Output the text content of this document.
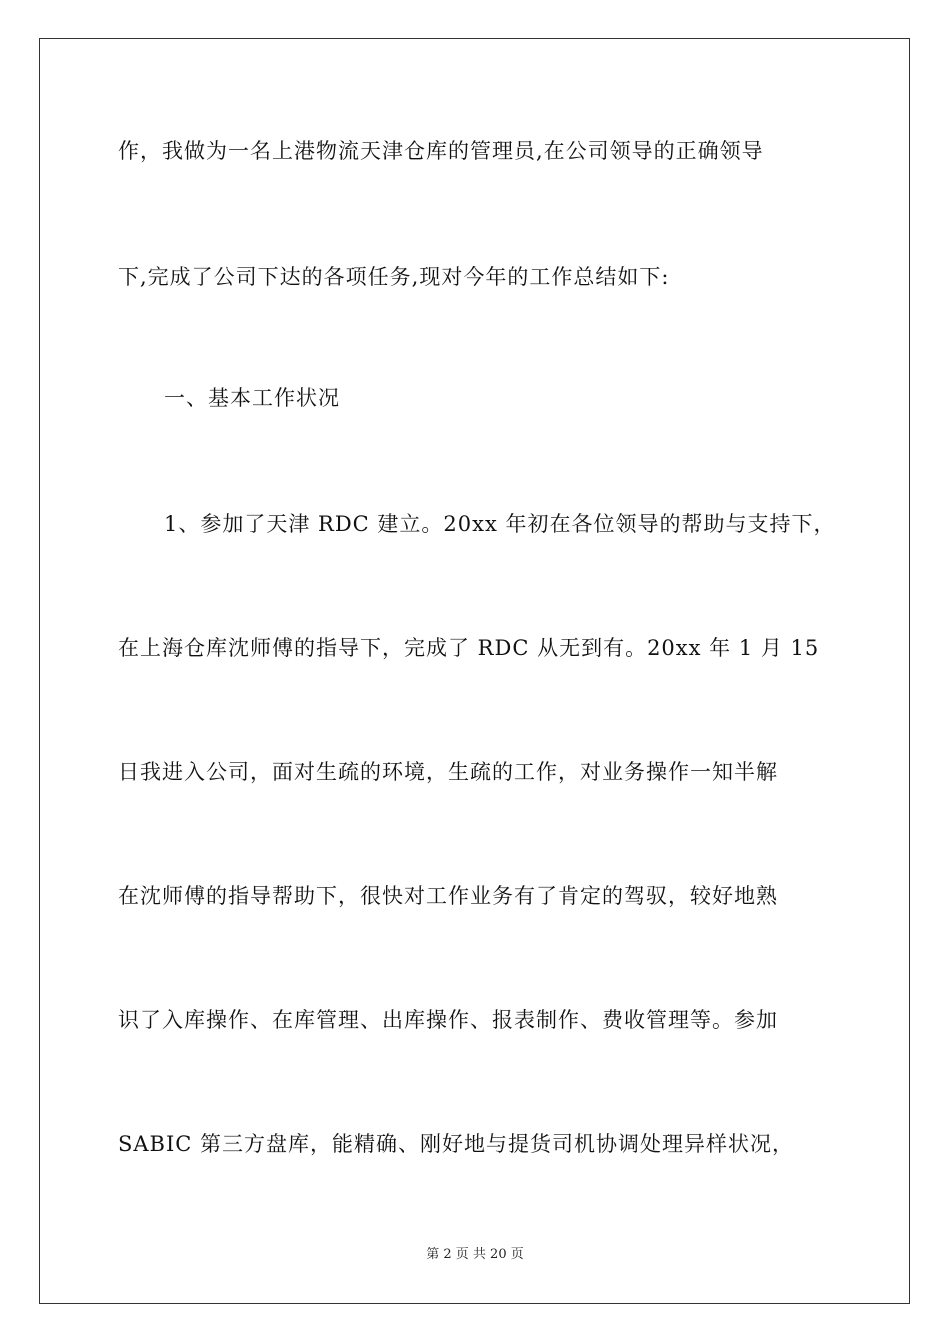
作，我做为一名上港物流天津仓库的管理员,在公司领导的正确领导
下,完成了公司下达的各项任务,现对今年的工作总结如下:
一、基本工作状况
1、参加了天津 RDC 建立。20xx 年初在各位领导的帮助与支持下，
在上海仓库沈师傅的指导下，完成了 RDC 从无到有。20xx 年 1 月 15
日我进入公司，面对生疏的环境，生疏的工作，对业务操作一知半解
在沈师傅的指导帮助下，很快对工作业务有了肯定的驾驭，较好地熟
识了入库操作、在库管理、出库操作、报表制作、费收管理等。参加
SABIC 第三方盘库，能精确、刚好地与提货司机协调处理异样状况，
第 2 页 共 20 页
